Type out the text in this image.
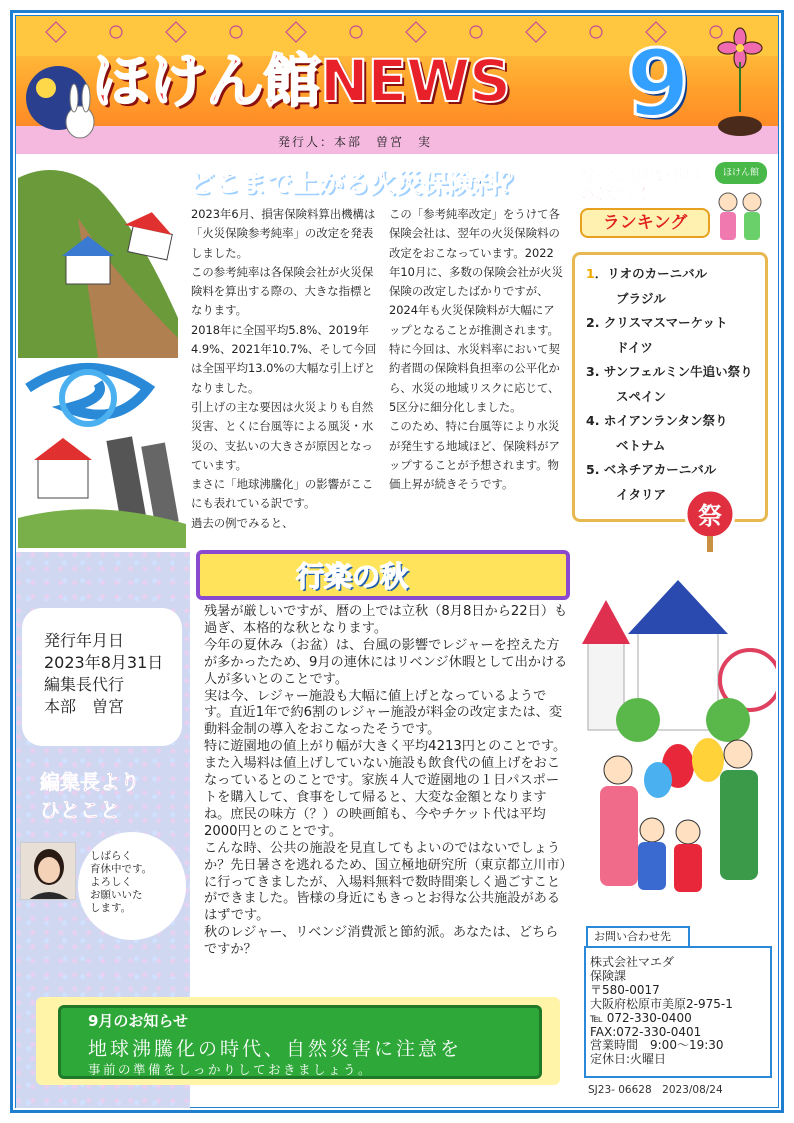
ほけん館NEWS 9
発行人：本部　曽宮　実
どこまで上がる火災保険料？
2023年6月、損害保険料算出機構は「火災保険参考純率」の改定を発表しました。
この参考純率は各保険会社が火災保険料を算出する際の、大きな指標となります。
2018年に全国平均5.8%、2019年4.9%、2021年10.7%、そして今回は全国平均13.0%の大幅な引上げとなりました。
引上げの主な要因は火災よりも自然災害、とくに台風等による風災・水災の、支払いの大きさが原因となっています。
まさに「地球沸騰化」の影響がここにも表れている訳です。
過去の例でみると、
この「参考純率改定」をうけて各保険会社は、翌年の火災保険料の改定をおこなっています。2022年10月に、多数の保険会社が火災保険の改定したばかりですが、2024年も火災保険料が大幅にアップとなることが推測されます。
特に今回は、水災料率において契約者間の保険料負担率の公平化から、水災の地域リスクに応じて、5区分に細分化しました。
このため、特に台風等により水災が発生する地域ほど、保険料がアップすることが予想されます。物価上昇が続きそうです。
行って観たい世界のお祭り！
ほけん館
ランキング
1．リオのカーニバル
ブラジル
2. クリスマスマーケット
ドイツ
3. サンフェルミン牛追い祭り
スペイン
4. ホイアンランタン祭り
ベトナム
5. ベネチアカーニバル
イタリア
祭
発行年月日
2023年8月31日
編集長代行
本部　曽宮
編集長より
ひとこと
しばらく
育休中です。
よろしく
お願いいた
します。
行楽の秋
残暑が厳しいですが、暦の上では立秋（8月8日から22日）も過ぎ、本格的な秋となります。
今年の夏休み（お盆）は、台風の影響でレジャーを控えた方が多かったため、9月の連休にはリベンジ休暇として出かける人が多いとのことです。
実は今、レジャー施設も大幅に値上げとなっているようです。直近1年で約6割のレジャー施設が料金の改定または、変動料金制の導入をおこなったそうです。
特に遊園地の値上がり幅が大きく平均4213円とのことです。また入場料は値上げしていない施設も飲食代の値上げをおこなっているとのことです。家族４人で遊園地の１日パスポートを購入して、食事をして帰ると、大変な金額となりますね。庶民の味方（？）の映画館も、今やチケット代は平均2000円とのことです。
こんな時、公共の施設を見直してもよいのではないでしょうか？先日暑さを逃れるため、国立極地研究所（東京都立川市）に行ってきましたが、入場料無料で数時間楽しく過ごすことができました。皆様の身近にもきっとお得な公共施設があるはずです。
秋のレジャー、リベンジ消費派と節約派。あなたは、どちらですか？
お問い合わせ先
株式会社マエダ
保険課
〒580-0017
大阪府松原市美原2-975-1
℡ 072-330-0400
FAX:072-330-0401
営業時間　9:00～19:30
定休日:火曜日
SJ23- 06628　2023/08/24
9月のお知らせ
地球沸騰化の時代、自然災害に注意を
事前の準備をしっかりしておきましょう。
